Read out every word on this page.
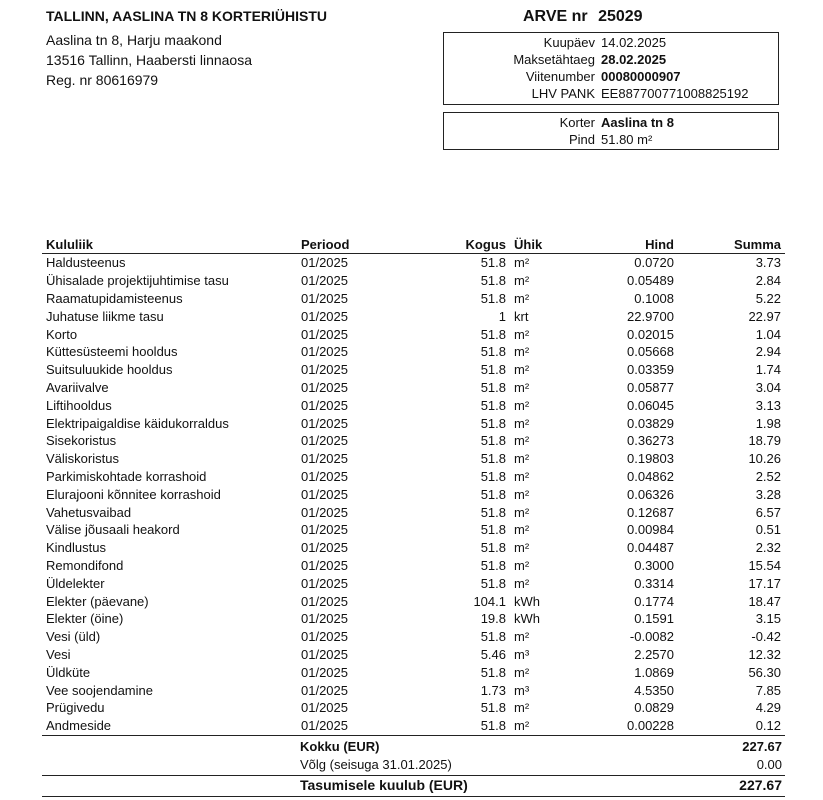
TALLINN, AASLINA TN 8 KORTERIÜHISTU
Aaslina tn 8, Harju maakond
13516 Tallinn, Haabersti linnaosa
Reg. nr 80616979
ARVE nr 25029
Kuupäev 14.02.2025
Maksetähtaeg 28.02.2025
Viitenumber 00080000907
LHV PANK EE887700771008825192
Korter Aaslina tn 8
Pind 51.80 m²
Kululiik	Periood	Kogus	Ühik	Hind	Summa
Haldusteenus	01/2025	51.8	m²	0.0720	3.73
Ühisalade projektijuhtimise tasu	01/2025	51.8	m²	0.05489	2.84
Raamatupidamisteenus	01/2025	51.8	m²	0.1008	5.22
Juhatuse liikme tasu	01/2025	1	krt	22.9700	22.97
Korto	01/2025	51.8	m²	0.02015	1.04
Küttesüsteemi hooldus	01/2025	51.8	m²	0.05668	2.94
Suitsuluukide hooldus	01/2025	51.8	m²	0.03359	1.74
Avariivalve	01/2025	51.8	m²	0.05877	3.04
Liftihooldus	01/2025	51.8	m²	0.06045	3.13
Elektripaigaldise käidukorraldus	01/2025	51.8	m²	0.03829	1.98
Sisekoristus	01/2025	51.8	m²	0.36273	18.79
Väliskoristus	01/2025	51.8	m²	0.19803	10.26
Parkimiskohtade korrashoid	01/2025	51.8	m²	0.04862	2.52
Elurajooni kõnnitee korrashoid	01/2025	51.8	m²	0.06326	3.28
Vahetusvaibad	01/2025	51.8	m²	0.12687	6.57
Välise jõusaali heakord	01/2025	51.8	m²	0.00984	0.51
Kindlustus	01/2025	51.8	m²	0.04487	2.32
Remondifond	01/2025	51.8	m²	0.3000	15.54
Üldelekter	01/2025	51.8	m²	0.3314	17.17
Elekter (päevane)	01/2025	104.1	kWh	0.1774	18.47
Elekter (öine)	01/2025	19.8	kWh	0.1591	3.15
Vesi (üld)	01/2025	51.8	m²	-0.0082	-0.42
Vesi	01/2025	5.46	m³	2.2570	12.32
Üldküte	01/2025	51.8	m²	1.0869	56.30
Vee soojendamine	01/2025	1.73	m³	4.5350	7.85
Prügivedu	01/2025	51.8	m²	0.0829	4.29
Andmeside	01/2025	51.8	m²	0.00228	0.12
Kokku (EUR)	227.67
Võlg (seisuga 31.01.2025)	0.00
Tasumisele kuulub (EUR)	227.67
